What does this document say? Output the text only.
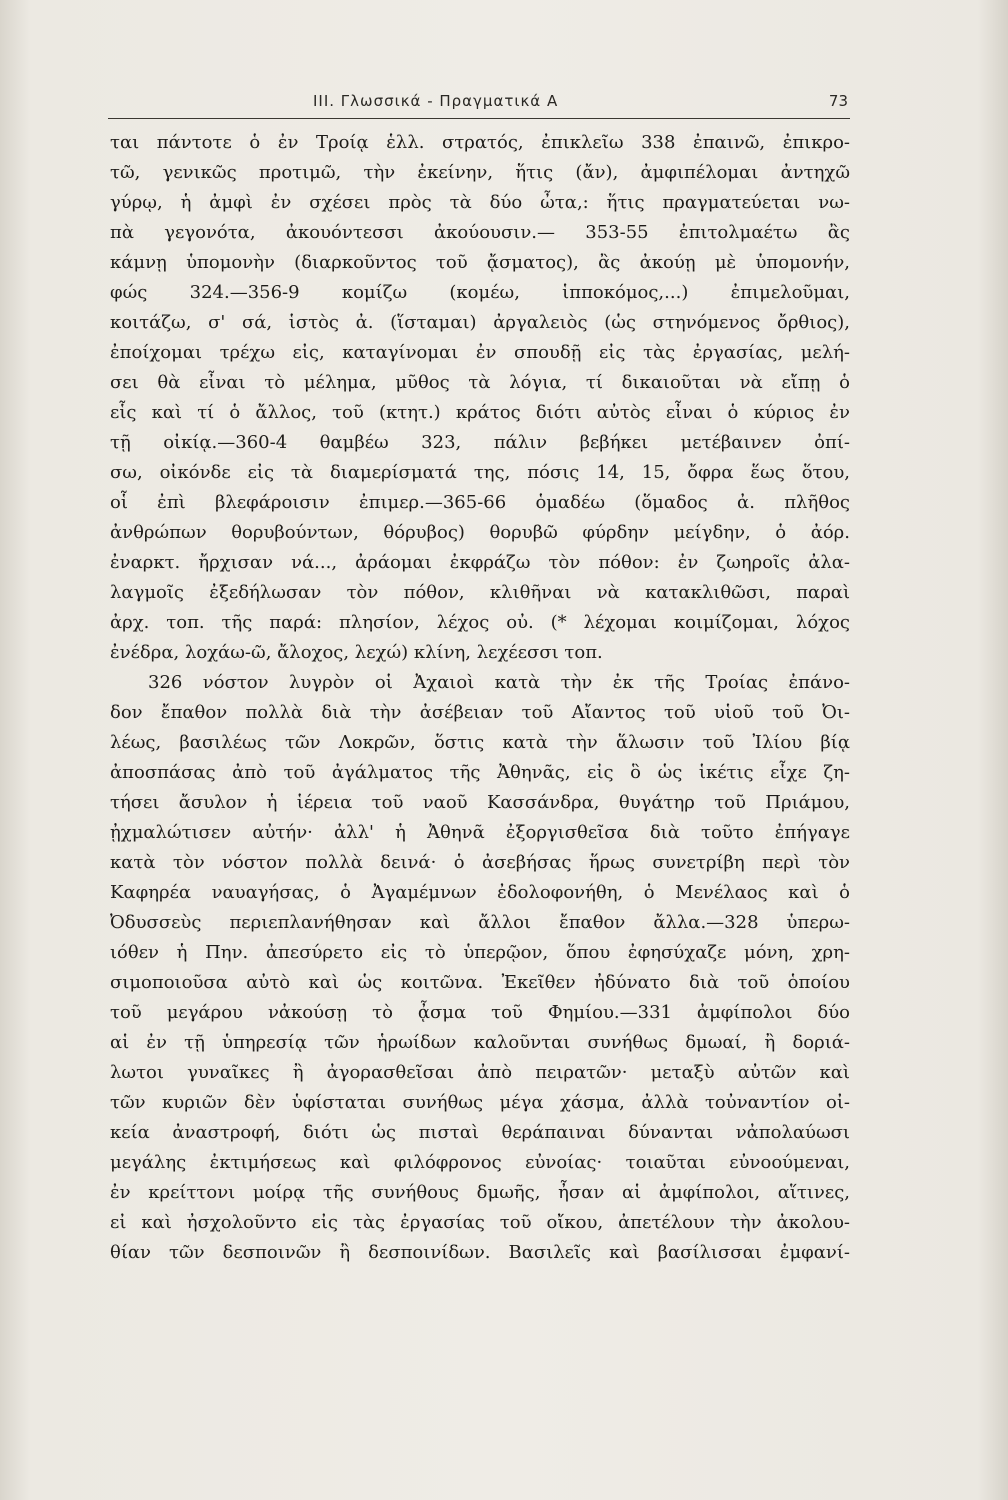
III. Γλωσσικά - Πραγματικά Α	73
ται πάντοτε ὁ ἐν Τροίᾳ ἑλλ. στρατός, ἐπικλεῖω 338 ἐπαινῶ, ἐπικρο-
τῶ, γενικῶς προτιμῶ, τὴν ἐκείνην, ἥτις (ἄν), ἀμφιπέλομαι ἀντηχῶ
γύρῳ, ἡ ἀμφὶ ἐν σχέσει πρὸς τὰ δύο ὦτα,: ἥτις πραγματεύεται νω-
πὰ γεγονότα, ἀκουόντεσσι ἀκούουσιν.— 353-55 ἐπιτολμαέτω ἂς
κάμνῃ ὑπομονὴν (διαρκοῦντος τοῦ ᾄσματος), ἂς ἀκούῃ μὲ ὑπομονήν,
φώς 324.—356-9 κομίζω (κομέω, ἱπποκόμος,...) ἐπιμελοῦμαι,
κοιτάζω, σ' σά, ἱστὸς ἀ. (ἵσταμαι) ἀργαλειὸς (ὡς στηνόμενος ὄρθιος),
ἐποίχομαι τρέχω εἰς, καταγίνομαι ἐν σπουδῇ εἰς τὰς ἐργασίας, μελή-
σει θὰ εἶναι τὸ μέλημα, μῦθος τὰ λόγια, τί δικαιοῦται νὰ εἴπῃ ὁ
εἷς καὶ τί ὁ ἄλλος, τοῦ (κτητ.) κράτος διότι αὐτὸς εἶναι ὁ κύριος ἐν
τῇ οἰκίᾳ.—360-4 θαμβέω 323, πάλιν βεβήκει μετέβαινεν ὀπί-
σω, οἰκόνδε εἰς τὰ διαμερίσματά της, πόσις 14, 15, ὄφρα ἕως ὅτου,
οἷ ἐπὶ βλεφάροισιν ἐπιμερ.—365-66 ὁμαδέω (ὅμαδος ἀ. πλῆθος
ἀνθρώπων θορυβούντων, θόρυβος) θορυβῶ φύρδην μείγδην, ὁ ἀόρ.
ἐναρκτ. ἤρχισαν νά..., ἀράομαι ἐκφράζω τὸν πόθον: ἐν ζωηροῖς ἀλα-
λαγμοῖς ἐξεδήλωσαν τὸν πόθον, κλιθῆναι νὰ κατακλιθῶσι, παραὶ
ἀρχ. τοπ. τῆς παρά: πλησίον, λέχος οὐ. (* λέχομαι κοιμίζομαι, λόχος
ἐνέδρα, λοχάω-ῶ, ἄλοχος, λεχώ) κλίνη, λεχέεσσι τοπ.
326 νόστον λυγρὸν οἱ Ἀχαιοὶ κατὰ τὴν ἐκ τῆς Τροίας ἐπάνο-
δον ἔπαθον πολλὰ διὰ τὴν ἀσέβειαν τοῦ Αἴαντος τοῦ υἱοῦ τοῦ Ὀι-
λέως, βασιλέως τῶν Λοκρῶν, ὅστις κατὰ τὴν ἅλωσιν τοῦ Ἰλίου βίᾳ
ἀποσπάσας ἀπὸ τοῦ ἀγάλματος τῆς Ἀθηνᾶς, εἰς ὃ ὡς ἱκέτις εἶχε ζη-
τήσει ἄσυλον ἡ ἱέρεια τοῦ ναοῦ Κασσάνδρα, θυγάτηρ τοῦ Πριάμου,
ᾐχμαλώτισεν αὐτήν· ἀλλ' ἡ Ἀθηνᾶ ἐξοργισθεῖσα διὰ τοῦτο ἐπήγαγε
κατὰ τὸν νόστον πολλὰ δεινά· ὁ ἀσεβήσας ἥρως συνετρίβη περὶ τὸν
Καφηρέα ναυαγήσας, ὁ Ἀγαμέμνων ἐδολοφονήθη, ὁ Μενέλαος καὶ ὁ
Ὀδυσσεὺς περιεπλανήθησαν καὶ ἄλλοι ἔπαθον ἄλλα.—328 ὑπερω-
ιόθεν ἡ Πην. ἀπεσύρετο εἰς τὸ ὑπερῷον, ὅπου ἐφησύχαζε μόνη, χρη-
σιμοποιοῦσα αὐτὸ καὶ ὡς κοιτῶνα. Ἐκεῖθεν ἠδύνατο διὰ τοῦ ὁποίου
τοῦ μεγάρου νἀκούσῃ τὸ ᾆσμα τοῦ Φημίου.—331 ἀμφίπολοι δύο
αἱ ἐν τῇ ὑπηρεσίᾳ τῶν ἡρωίδων καλοῦνται συνήθως δμωαί, ἢ δοριά-
λωτοι γυναῖκες ἢ ἀγορασθεῖσαι ἀπὸ πειρατῶν· μεταξὺ αὐτῶν καὶ
τῶν κυριῶν δὲν ὑφίσταται συνήθως μέγα χάσμα, ἀλλὰ τοὐναντίον οἰ-
κεία ἀναστροφή, διότι ὡς πισταὶ θεράπαιναι δύνανται νἀπολαύωσι
μεγάλης ἐκτιμήσεως καὶ φιλόφρονος εὐνοίας· τοιαῦται εὐνοούμεναι,
ἐν κρείττονι μοίρᾳ τῆς συνήθους δμωῆς, ἦσαν αἱ ἀμφίπολοι, αἵτινες,
εἰ καὶ ἠσχολοῦντο εἰς τὰς ἐργασίας τοῦ οἴκου, ἀπετέλουν τὴν ἀκολου-
θίαν τῶν δεσποινῶν ἢ δεσποινίδων. Βασιλεῖς καὶ βασίλισσαι ἐμφανί-
